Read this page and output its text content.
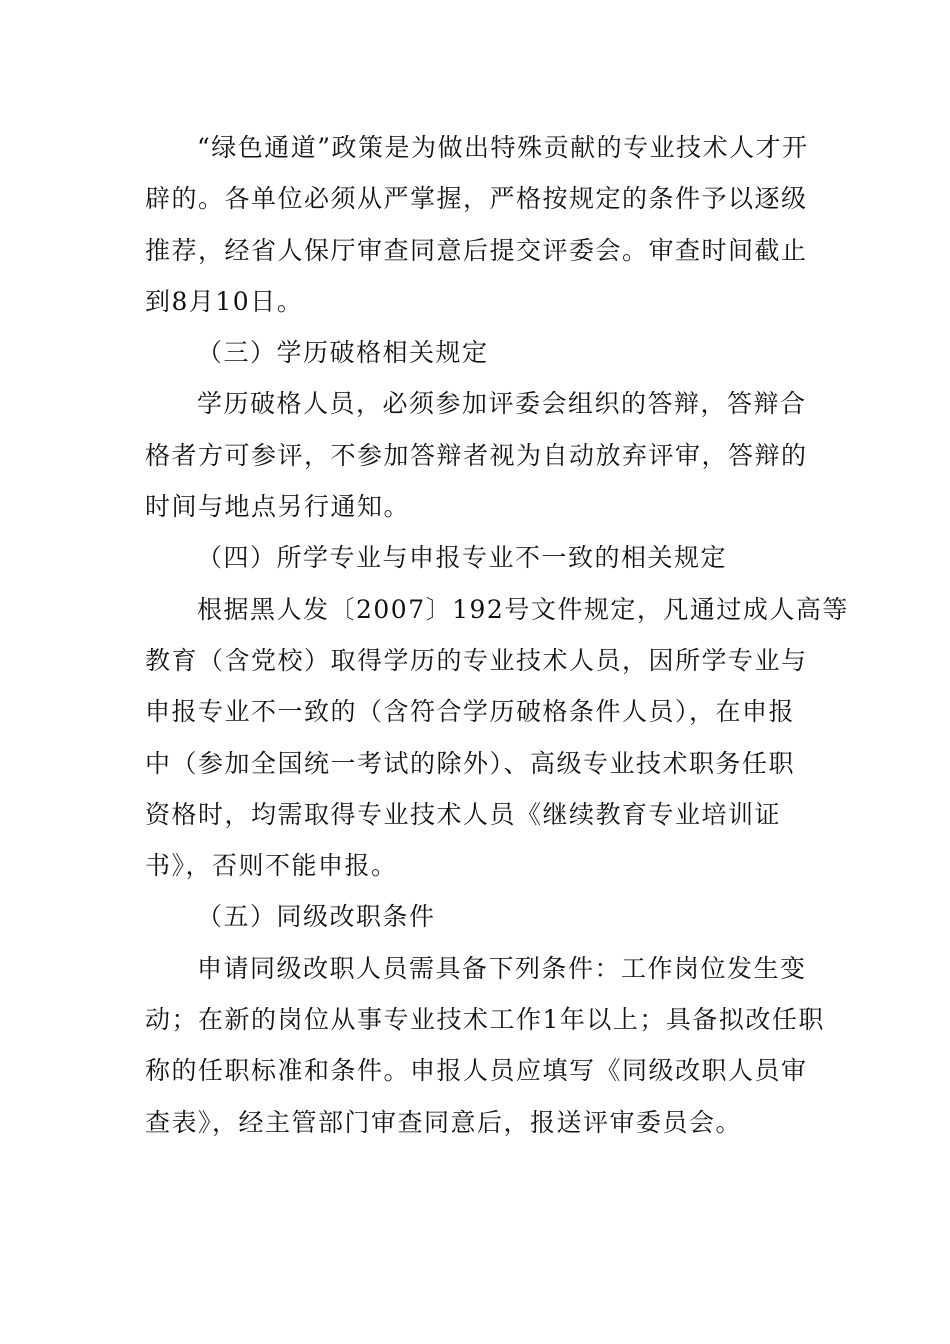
“绿色通道”政策是为做出特殊贡献的专业技术人才开
辟的。各单位必须从严掌握，严格按规定的条件予以逐级
推荐，经省人保厅审查同意后提交评委会。审查时间截止
到8月10日。
（三）学历破格相关规定
学历破格人员，必须参加评委会组织的答辩，答辩合
格者方可参评，不参加答辩者视为自动放弃评审，答辩的
时间与地点另行通知。
（四）所学专业与申报专业不一致的相关规定
根据黑人发〔2007〕192号文件规定，凡通过成人高等
教育（含党校）取得学历的专业技术人员，因所学专业与
申报专业不一致的（含符合学历破格条件人员），在申报
中（参加全国统一考试的除外）、高级专业技术职务任职
资格时，均需取得专业技术人员《继续教育专业培训证
书》，否则不能申报。
（五）同级改职条件
申请同级改职人员需具备下列条件：工作岗位发生变
动；在新的岗位从事专业技术工作1年以上；具备拟改任职
称的任职标准和条件。申报人员应填写《同级改职人员审
查表》，经主管部门审查同意后，报送评审委员会。
